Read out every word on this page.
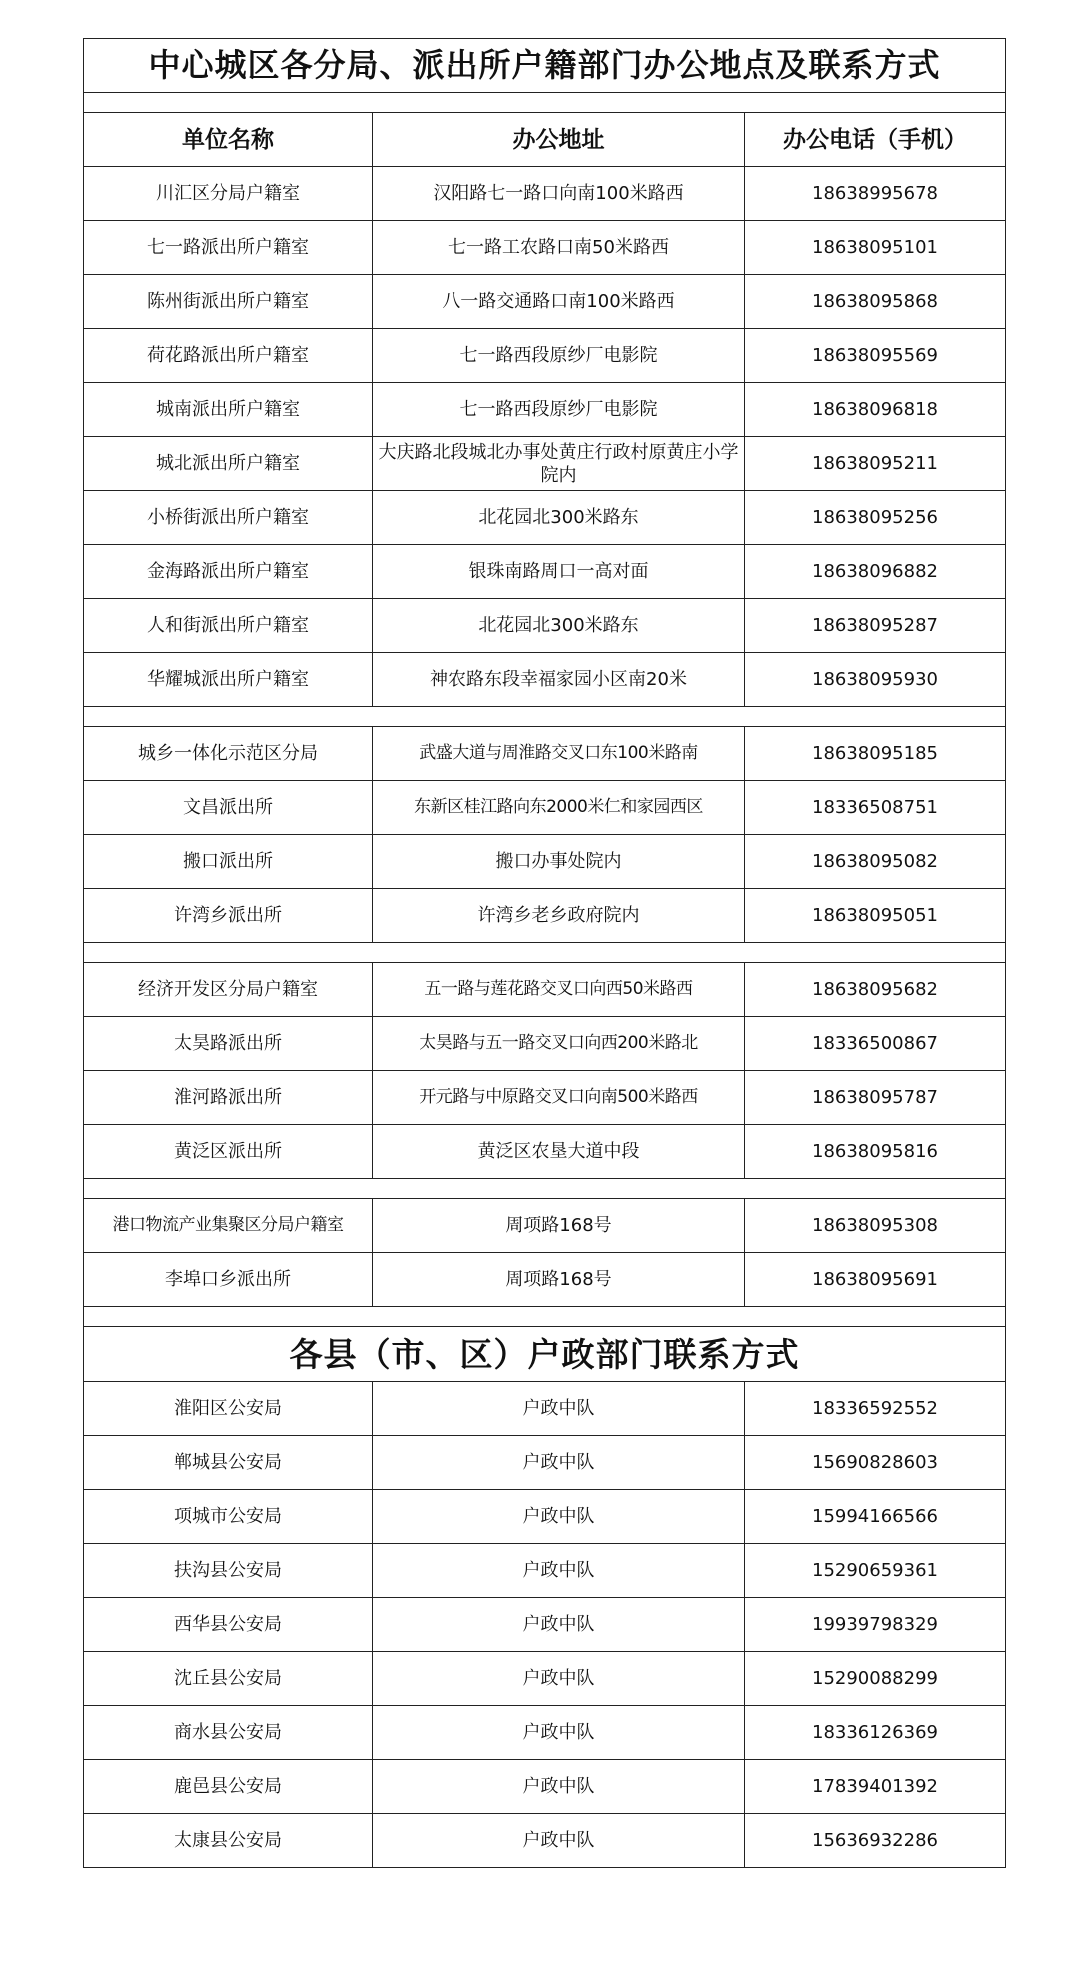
中心城区各分局、派出所户籍部门办公地点及联系方式		

单位名称	办公地址	办公电话（手机）
川汇区分局户籍室	汉阳路七一路口向南100米路西	18638995678
七一路派出所户籍室	七一路工农路口南50米路西	18638095101
陈州街派出所户籍室	八一路交通路口南100米路西	18638095868
荷花路派出所户籍室	七一路西段原纱厂电影院	18638095569
城南派出所户籍室	七一路西段原纱厂电影院	18638096818
城北派出所户籍室	大庆路北段城北办事处黄庄行政村原黄庄小学院内	18638095211
小桥街派出所户籍室	北花园北300米路东	18638095256
金海路派出所户籍室	银珠南路周口一高对面	18638096882
人和街派出所户籍室	北花园北300米路东	18638095287
华耀城派出所户籍室	神农路东段幸福家园小区南20米	18638095930

城乡一体化示范区分局	武盛大道与周淮路交叉口东100米路南	18638095185
文昌派出所	东新区桂江路向东2000米仁和家园西区	18336508751
搬口派出所	搬口办事处院内	18638095082
许湾乡派出所	许湾乡老乡政府院内	18638095051

经济开发区分局户籍室	五一路与莲花路交叉口向西50米路西	18638095682
太昊路派出所	太昊路与五一路交叉口向西200米路北	18336500867
淮河路派出所	开元路与中原路交叉口向南500米路西	18638095787
黄泛区派出所	黄泛区农垦大道中段	18638095816

港口物流产业集聚区分局户籍室	周项路168号	18638095308
李埠口乡派出所	周项路168号	18638095691

各县（市、区）户政部门联系方式		
淮阳区公安局	户政中队	18336592552
郸城县公安局	户政中队	15690828603
项城市公安局	户政中队	15994166566
扶沟县公安局	户政中队	15290659361
西华县公安局	户政中队	19939798329
沈丘县公安局	户政中队	15290088299
商水县公安局	户政中队	18336126369
鹿邑县公安局	户政中队	17839401392
太康县公安局	户政中队	15636932286
